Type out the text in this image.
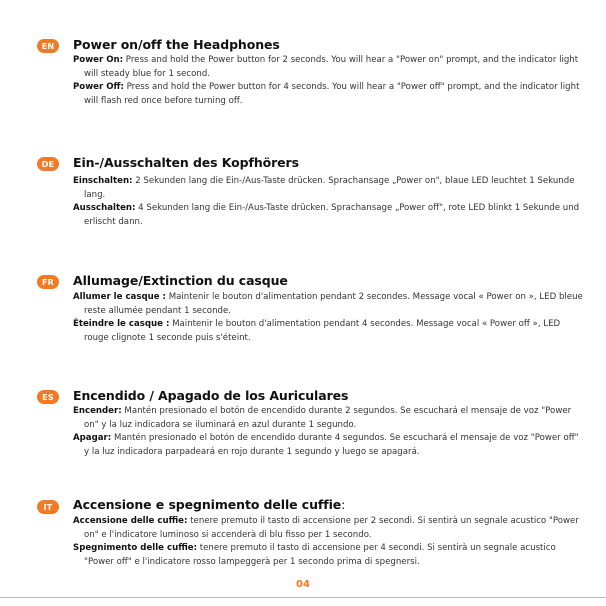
EN	Power on/off the Headphones

Power On: Press and hold the Power button for 2 seconds. You will hear a "Power on" prompt, and the indicator light will steady blue for 1 second.

Power Off: Press and hold the Power button for 4 seconds. You will hear a "Power off" prompt, and the indicator light will flash red once before turning off.

DE	Ein-/Ausschalten des Kopfhörers

Einschalten: 2 Sekunden lang die Ein-/Aus-Taste drücken. Sprachansage „Power on", blaue LED leuchtet 1 Sekunde lang.

Ausschalten: 4 Sekunden lang die Ein-/Aus-Taste drücken. Sprachansage „Power off", rote LED blinkt 1 Sekunde und erlischt dann.

FR	Allumage/Extinction du casque

Allumer le casque : Maintenir le bouton d'alimentation pendant 2 secondes. Message vocal « Power on », LED bleue reste allumée pendant 1 seconde.

Éteindre le casque : Maintenir le bouton d'alimentation pendant 4 secondes. Message vocal « Power off », LED rouge clignote 1 seconde puis s'éteint.

ES	Encendido / Apagado de los Auriculares

Encender: Mantén presionado el botón de encendido durante 2 segundos. Se escuchará el mensaje de voz "Power on" y la luz indicadora se iluminará en azul durante 1 segundo.

Apagar: Mantén presionado el botón de encendido durante 4 segundos. Se escuchará el mensaje de voz "Power off" y la luz indicadora parpadeará en rojo durante 1 segundo y luego se apagará.

IT	Accensione e spegnimento delle cuffie:

Accensione delle cuffie: tenere premuto il tasto di accensione per 2 secondi. Si sentirà un segnale acustico "Power on" e l'indicatore luminoso si accenderà di blu fisso per 1 secondo.

Spegnimento delle cuffie: tenere premuto il tasto di accensione per 4 secondi. Si sentirà un segnale acustico "Power off" e l'indicatore rosso lampeggerà per 1 secondo prima di spegnersi.

04
